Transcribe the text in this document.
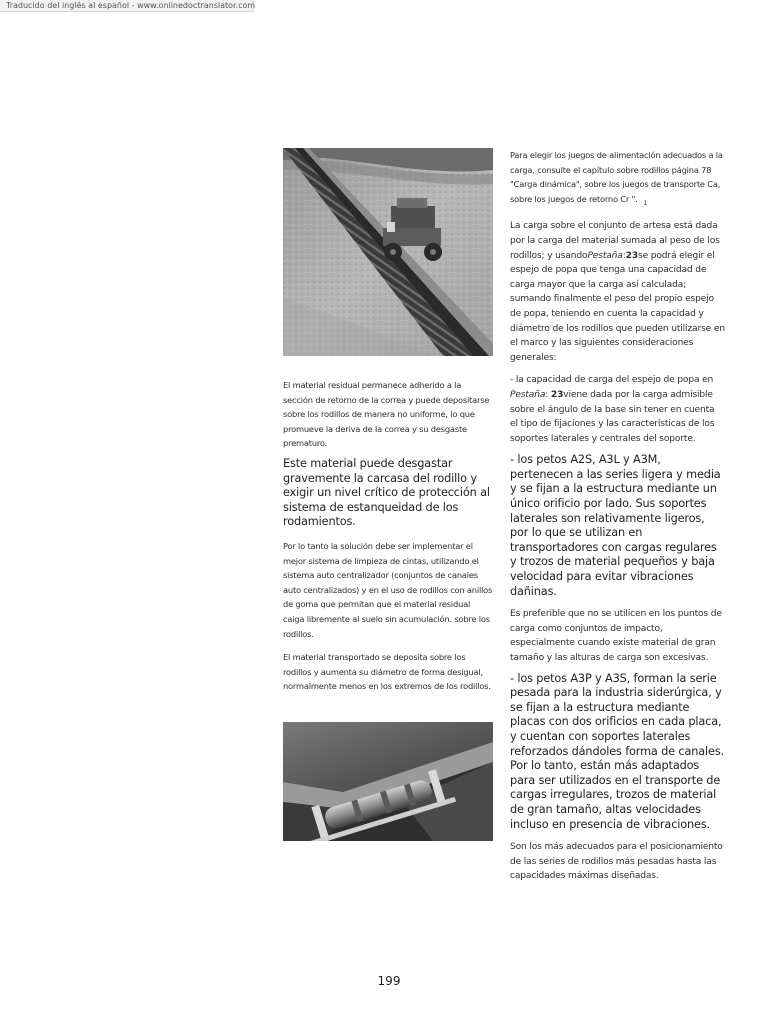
Traducido del inglés al español - www.onlinedoctranslator.com

El material residual permanece adherido a la sección de retorno de la correa y puede depositarse sobre los rodillos de manera no uniforme, lo que promueve la deriva de la correa y su desgaste prematuro.

Este material puede desgastar gravemente la carcasa del rodillo y exigir un nivel crítico de protección al sistema de estanqueidad de los rodamientos.

Por lo tanto la solución debe ser implementar el mejor sistema de limpieza de cintas, utilizando el sistema auto centralizador (conjuntos de canales auto centralizados) y en el uso de rodillos con anillos de goma que permitan que el material residual caiga libremente al suelo sin acumulación. sobre los rodillos.

El material transportado se deposita sobre los rodillos y aumenta su diámetro de forma desigual, normalmente menos en los extremos de los rodillos.

Para elegir los juegos de alimentación adecuados a la carga, consulte el capítulo sobre rodillos página 78 "Carga dinámica", sobre los juegos de transporte Ca, sobre los juegos de retorno Cr ". $_1$

La carga sobre el conjunto de artesa está dada por la carga del material sumada al peso de los rodillos; y usandoPestaña:23se podrá elegir el espejo de popa que tenga una capacidad de carga mayor que la carga así calculada; sumando finalmente el peso del propio espejo de popa, teniendo en cuenta la capacidad y diámetro de los rodillos que pueden utilizarse en el marco y las siguientes consideraciones generales:

- la capacidad de carga del espejo de popa en Pestaña: 23viene dada por la carga admisible sobre el ángulo de la base sin tener en cuenta el tipo de fijaciones y las características de los soportes laterales y centrales del soporte.

- los petos A2S, A3L y A3M, pertenecen a las series ligera y media y se fijan a la estructura mediante un único orificio por lado. Sus soportes laterales son relativamente ligeros, por lo que se utilizan en transportadores con cargas regulares y trozos de material pequeños y baja velocidad para evitar vibraciones dañinas.

Es preferible que no se utilicen en los puntos de carga como conjuntos de impacto, especialmente cuando existe material de gran tamaño y las alturas de carga son excesivas.

- los petos A3P y A3S, forman la serie pesada para la industria siderúrgica, y se fijan a la estructura mediante placas con dos orificios en cada placa, y cuentan con soportes laterales reforzados dándoles forma de canales. Por lo tanto, están más adaptados para ser utilizados en el transporte de cargas irregulares, trozos de material de gran tamaño, altas velocidades incluso en presencia de vibraciones.

Son los más adecuados para el posicionamiento de las series de rodillos más pesadas hasta las capacidades máximas diseñadas.

199
